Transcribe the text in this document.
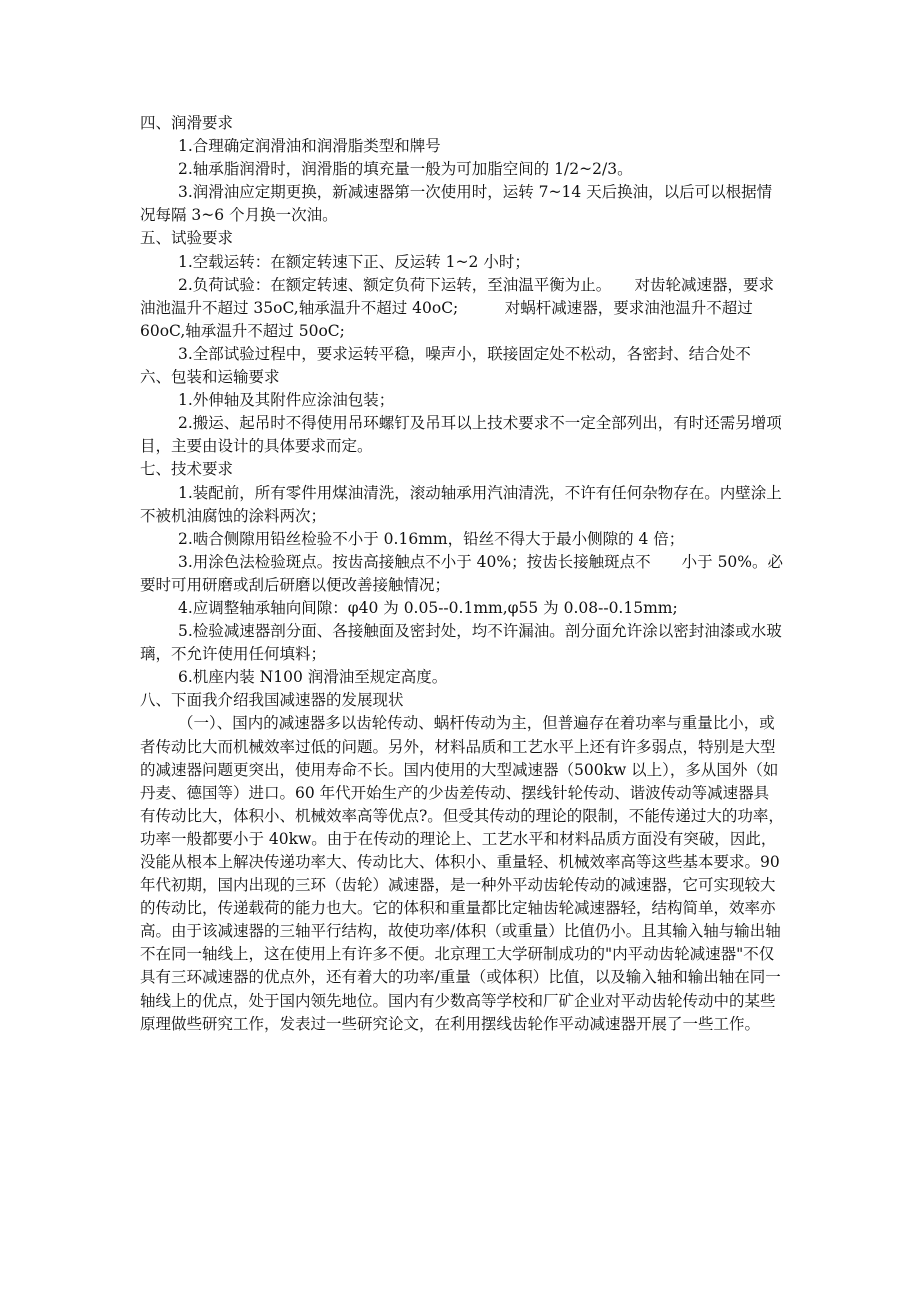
四、润滑要求

1.合理确定润滑油和润滑脂类型和牌号

2.轴承脂润滑时，润滑脂的填充量一般为可加脂空间的 1/2~2/3。

3.润滑油应定期更换，新减速器第一次使用时，运转 7~14 天后换油，以后可以根据情况每隔 3~6 个月换一次油。

五、试验要求

1.空载运转：在额定转速下正、反运转 1~2 小时；

2.负荷试验：在额定转速、额定负荷下运转，至油温平衡为止。　　对齿轮减速器，要求油池温升不超过 35oC,轴承温升不超过 40oC;　　　对蜗杆减速器，要求油池温升不超过 60oC,轴承温升不超过 50oC;

3.全部试验过程中，要求运转平稳，噪声小，联接固定处不松动，各密封、结合处不

六、包装和运输要求

1.外伸轴及其附件应涂油包装；

2.搬运、起吊时不得使用吊环螺钉及吊耳以上技术要求不一定全部列出，有时还需另增项目，主要由设计的具体要求而定。

七、技术要求

1.装配前，所有零件用煤油清洗，滚动轴承用汽油清洗，不许有任何杂物存在。内壁涂上不被机油腐蚀的涂料两次；

2.啮合侧隙用铅丝检验不小于 0.16mm，铅丝不得大于最小侧隙的 4 倍；

3.用涂色法检验斑点。按齿高接触点不小于 40%；按齿长接触斑点不　　小于 50%。必要时可用研磨或刮后研磨以便改善接触情况；

4.应调整轴承轴向间隙：φ40 为 0.05--0.1mm,φ55 为 0.08--0.15mm;

5.检验减速器剖分面、各接触面及密封处，均不许漏油。剖分面允许涂以密封油漆或水玻璃，不允许使用任何填料；

6.机座内装 N100 润滑油至规定高度。

八、下面我介绍我国减速器的发展现状

（一）、国内的减速器多以齿轮传动、蜗杆传动为主，但普遍存在着功率与重量比小，或者传动比大而机械效率过低的问题。另外，材料品质和工艺水平上还有许多弱点，特别是大型的减速器问题更突出，使用寿命不长。国内使用的大型减速器（500kw 以上），多从国外（如丹麦、德国等）进口。60 年代开始生产的少齿差传动、摆线针轮传动、谐波传动等减速器具有传动比大，体积小、机械效率高等优点?。但受其传动的理论的限制，不能传递过大的功率，功率一般都要小于 40kw。由于在传动的理论上、工艺水平和材料品质方面没有突破，因此，没能从根本上解决传递功率大、传动比大、体积小、重量轻、机械效率高等这些基本要求。90 年代初期，国内出现的三环（齿轮）减速器，是一种外平动齿轮传动的减速器，它可实现较大的传动比，传递载荷的能力也大。它的体积和重量都比定轴齿轮减速器轻，结构简单，效率亦高。由于该减速器的三轴平行结构，故使功率/体积（或重量）比值仍小。且其输入轴与输出轴不在同一轴线上，这在使用上有许多不便。北京理工大学研制成功的"内平动齿轮减速器"不仅具有三环减速器的优点外，还有着大的功率/重量（或体积）比值，以及输入轴和输出轴在同一轴线上的优点，处于国内领先地位。国内有少数高等学校和厂矿企业对平动齿轮传动中的某些原理做些研究工作，发表过一些研究论文，在利用摆线齿轮作平动减速器开展了一些工作。
